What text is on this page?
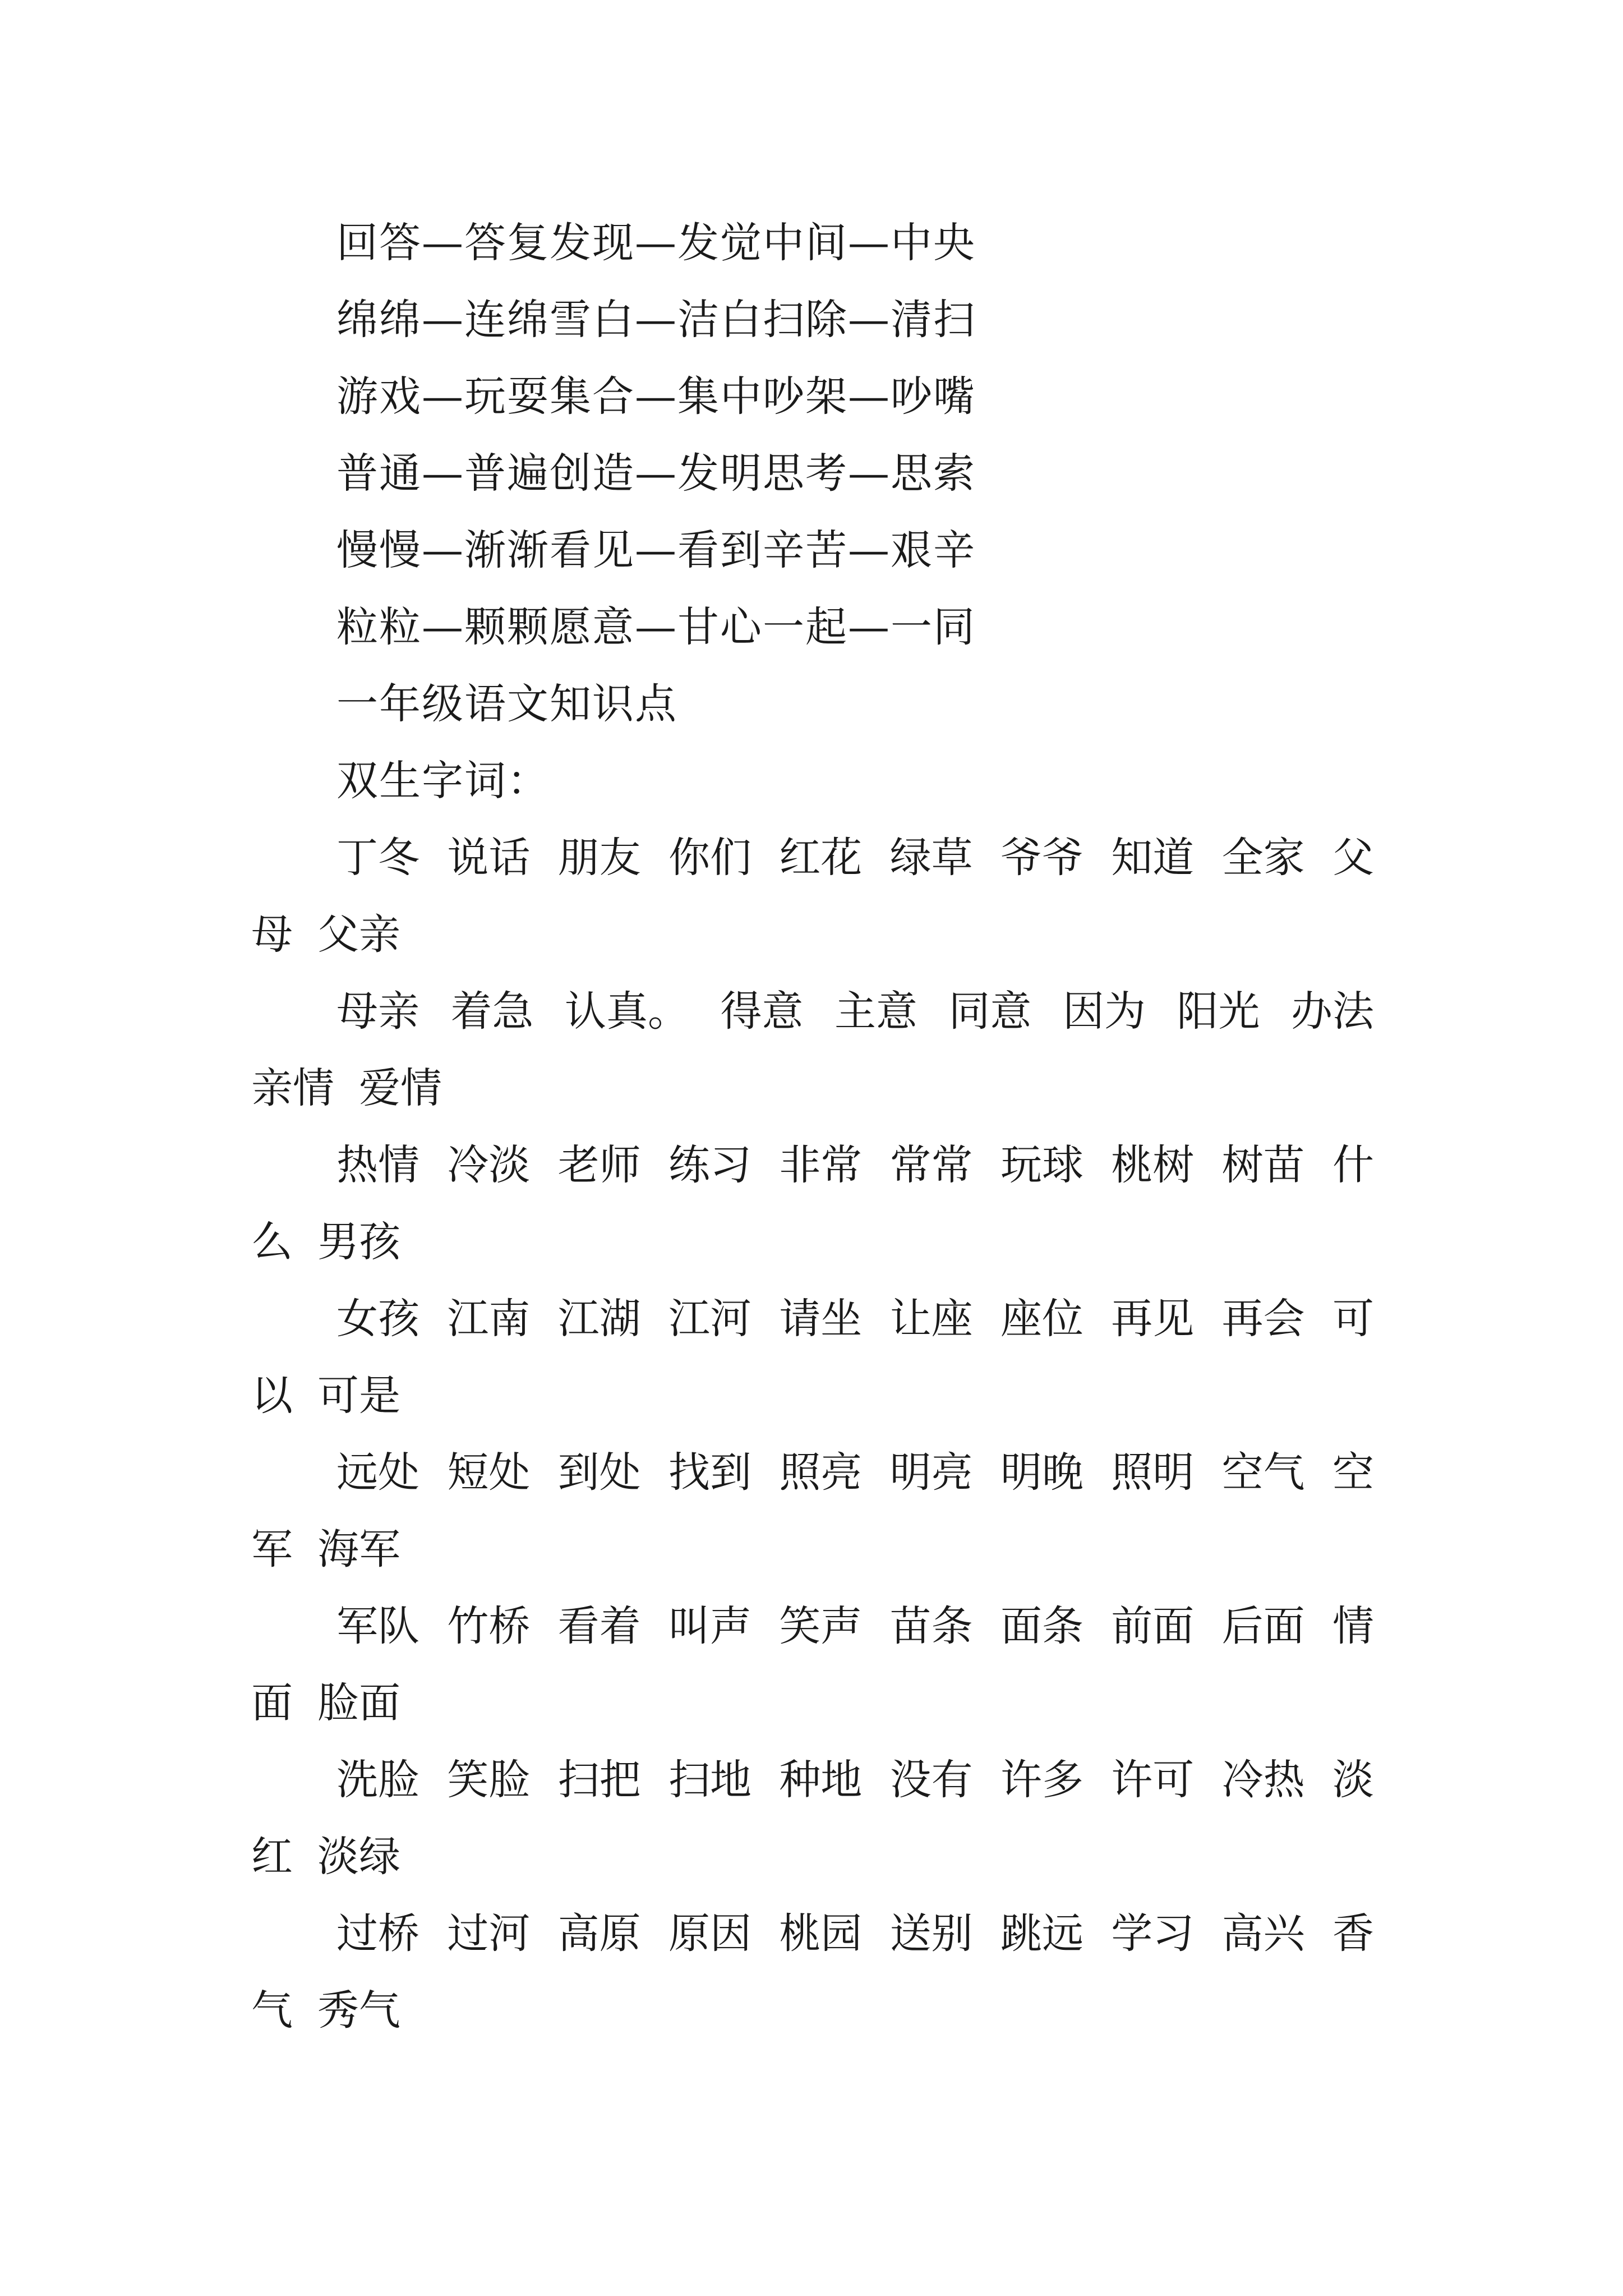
回答—答复发现—发觉中间—中央

绵绵—连绵雪白—洁白扫除—清扫

游戏—玩耍集合—集中吵架—吵嘴

普通—普遍创造—发明思考—思索

慢慢—渐渐看见—看到辛苦—艰辛

粒粒—颗颗愿意—甘心一起—一同

一年级语文知识点

双生字词：

丁冬 说话 朋友 你们 红花 绿草 爷爷 知道 全家 父

母 父亲

母亲 着急 认真。 得意 主意 同意 因为 阳光 办法

亲情 爱情

热情 冷淡 老师 练习 非常 常常 玩球 桃树 树苗 什

么 男孩

女孩 江南 江湖 江河 请坐 让座 座位 再见 再会 可

以 可是

远处 短处 到处 找到 照亮 明亮 明晚 照明 空气 空

军 海军

军队 竹桥 看着 叫声 笑声 苗条 面条 前面 后面 情

面 脸面

洗脸 笑脸 扫把 扫地 种地 没有 许多 许可 冷热 淡

红 淡绿

过桥 过河 高原 原因 桃园 送别 跳远 学习 高兴 香

气 秀气
